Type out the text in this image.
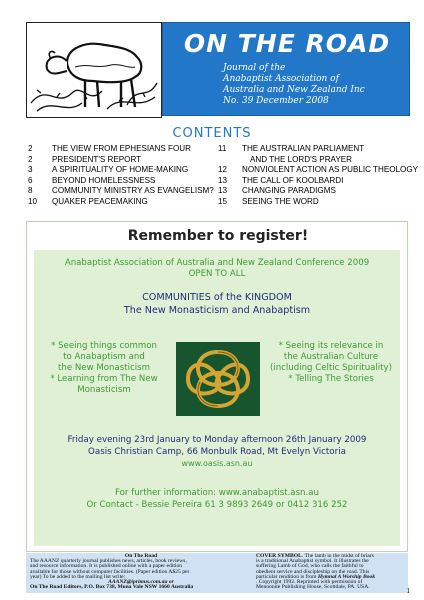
ON THE ROAD
Journal of the
Anabaptist Association of
Australia and New Zealand Inc
No. 39 December 2008
CONTENTS
2 THE VIEW FROM EPHESIANS FOUR
2 PRESIDENT'S REPORT
3 A SPIRITUALITY OF HOME-MAKING
6 BEYOND HOMELESSNESS
8 COMMUNITY MINISTRY AS EVANGELISM?
10 QUAKER PEACEMAKING
11 THE AUSTRALIAN PARLIAMENT
AND THE LORD'S PRAYER
12 NONVIOLENT ACTION AS PUBLIC THEOLOGY
13 THE CALL OF KOOLBARDI
13 CHANGING PARADIGMS
15 SEEING THE WORD
Remember to register!
Anabaptist Association of Australia and New Zealand Conference 2009
OPEN TO ALL
COMMUNITIES of the KINGDOM
The New Monasticism and Anabaptism
* Seeing things common
to Anabaptism and
the New Monasticism
* Learning from The New
Monasticism
* Seeing its relevance in
the Australian Culture
(including Celtic Spirituality)
* Telling The Stories
Friday evening 23rd January to Monday afternoon 26th January 2009
Oasis Christian Camp, 66 Monbulk Road, Mt Evelyn Victoria
www.oasis.asn.au
For further information: www.anabaptist.asn.au
Or Contact - Bessie Pereira 61 3 9893 2649 or 0412 316 252
On The Road
The AAANZ quarterly journal publishes news, articles, book reviews,
and resource information. It is published online with a paper edition
available for those without computer facilities. (Paper edition A$25 per
year) To be added to the mailing list write:
AAANZ@iprimus.com.au or
On The Road Editors, P.O. Box 738, Mona Vale NSW 1660 Australia
COVER SYMBOL. The lamb in the midst of briars
is a traditional Anabaptist symbol. It illustrates the
suffering Lamb of God, who calls the faithful to
obedient service and discipleship on the road. This
particular rendition is from Hymnal A Worship Book
. Copyright 1992. Reprinted with permission of
Mennonite Publishing House, Scottdale, PA. USA.	1
